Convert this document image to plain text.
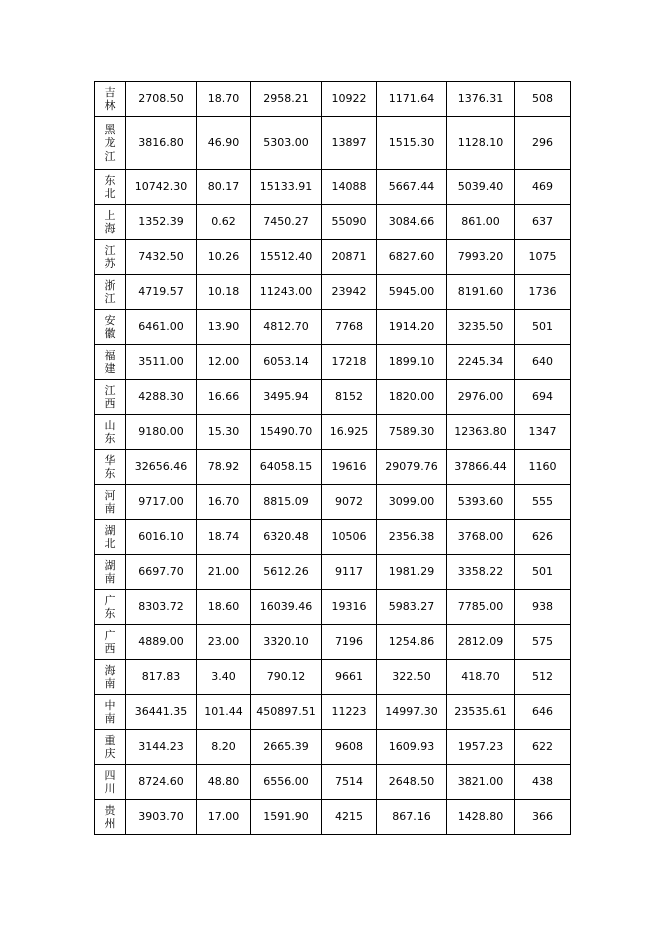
吉
林	2708.50	18.70	2958.21	10922	1171.64	1376.31	508

黑
龙
江	3816.80	46.90	5303.00	13897	1515.30	1128.10	296

东
北	10742.30	80.17	15133.91	14088	5667.44	5039.40	469

上
海	1352.39	0.62	7450.27	55090	3084.66	861.00	637

江
苏	7432.50	10.26	15512.40	20871	6827.60	7993.20	1075

浙
江	4719.57	10.18	11243.00	23942	5945.00	8191.60	1736

安
徽	6461.00	13.90	4812.70	7768	1914.20	3235.50	501

福
建	3511.00	12.00	6053.14	17218	1899.10	2245.34	640

江
西	4288.30	16.66	3495.94	8152	1820.00	2976.00	694

山
东	9180.00	15.30	15490.70	16.925	7589.30	12363.80	1347

华
东	32656.46	78.92	64058.15	19616	29079.76	37866.44	1160

河
南	9717.00	16.70	8815.09	9072	3099.00	5393.60	555

湖
北	6016.10	18.74	6320.48	10506	2356.38	3768.00	626

湖
南	6697.70	21.00	5612.26	9117	1981.29	3358.22	501

广
东	8303.72	18.60	16039.46	19316	5983.27	7785.00	938

广
西	4889.00	23.00	3320.10	7196	1254.86	2812.09	575

海
南	817.83	3.40	790.12	9661	322.50	418.70	512

中
南	36441.35	101.44	450897.51	11223	14997.30	23535.61	646

重
庆	3144.23	8.20	2665.39	9608	1609.93	1957.23	622

四
川	8724.60	48.80	6556.00	7514	2648.50	3821.00	438

贵
州	3903.70	17.00	1591.90	4215	867.16	1428.80	366
